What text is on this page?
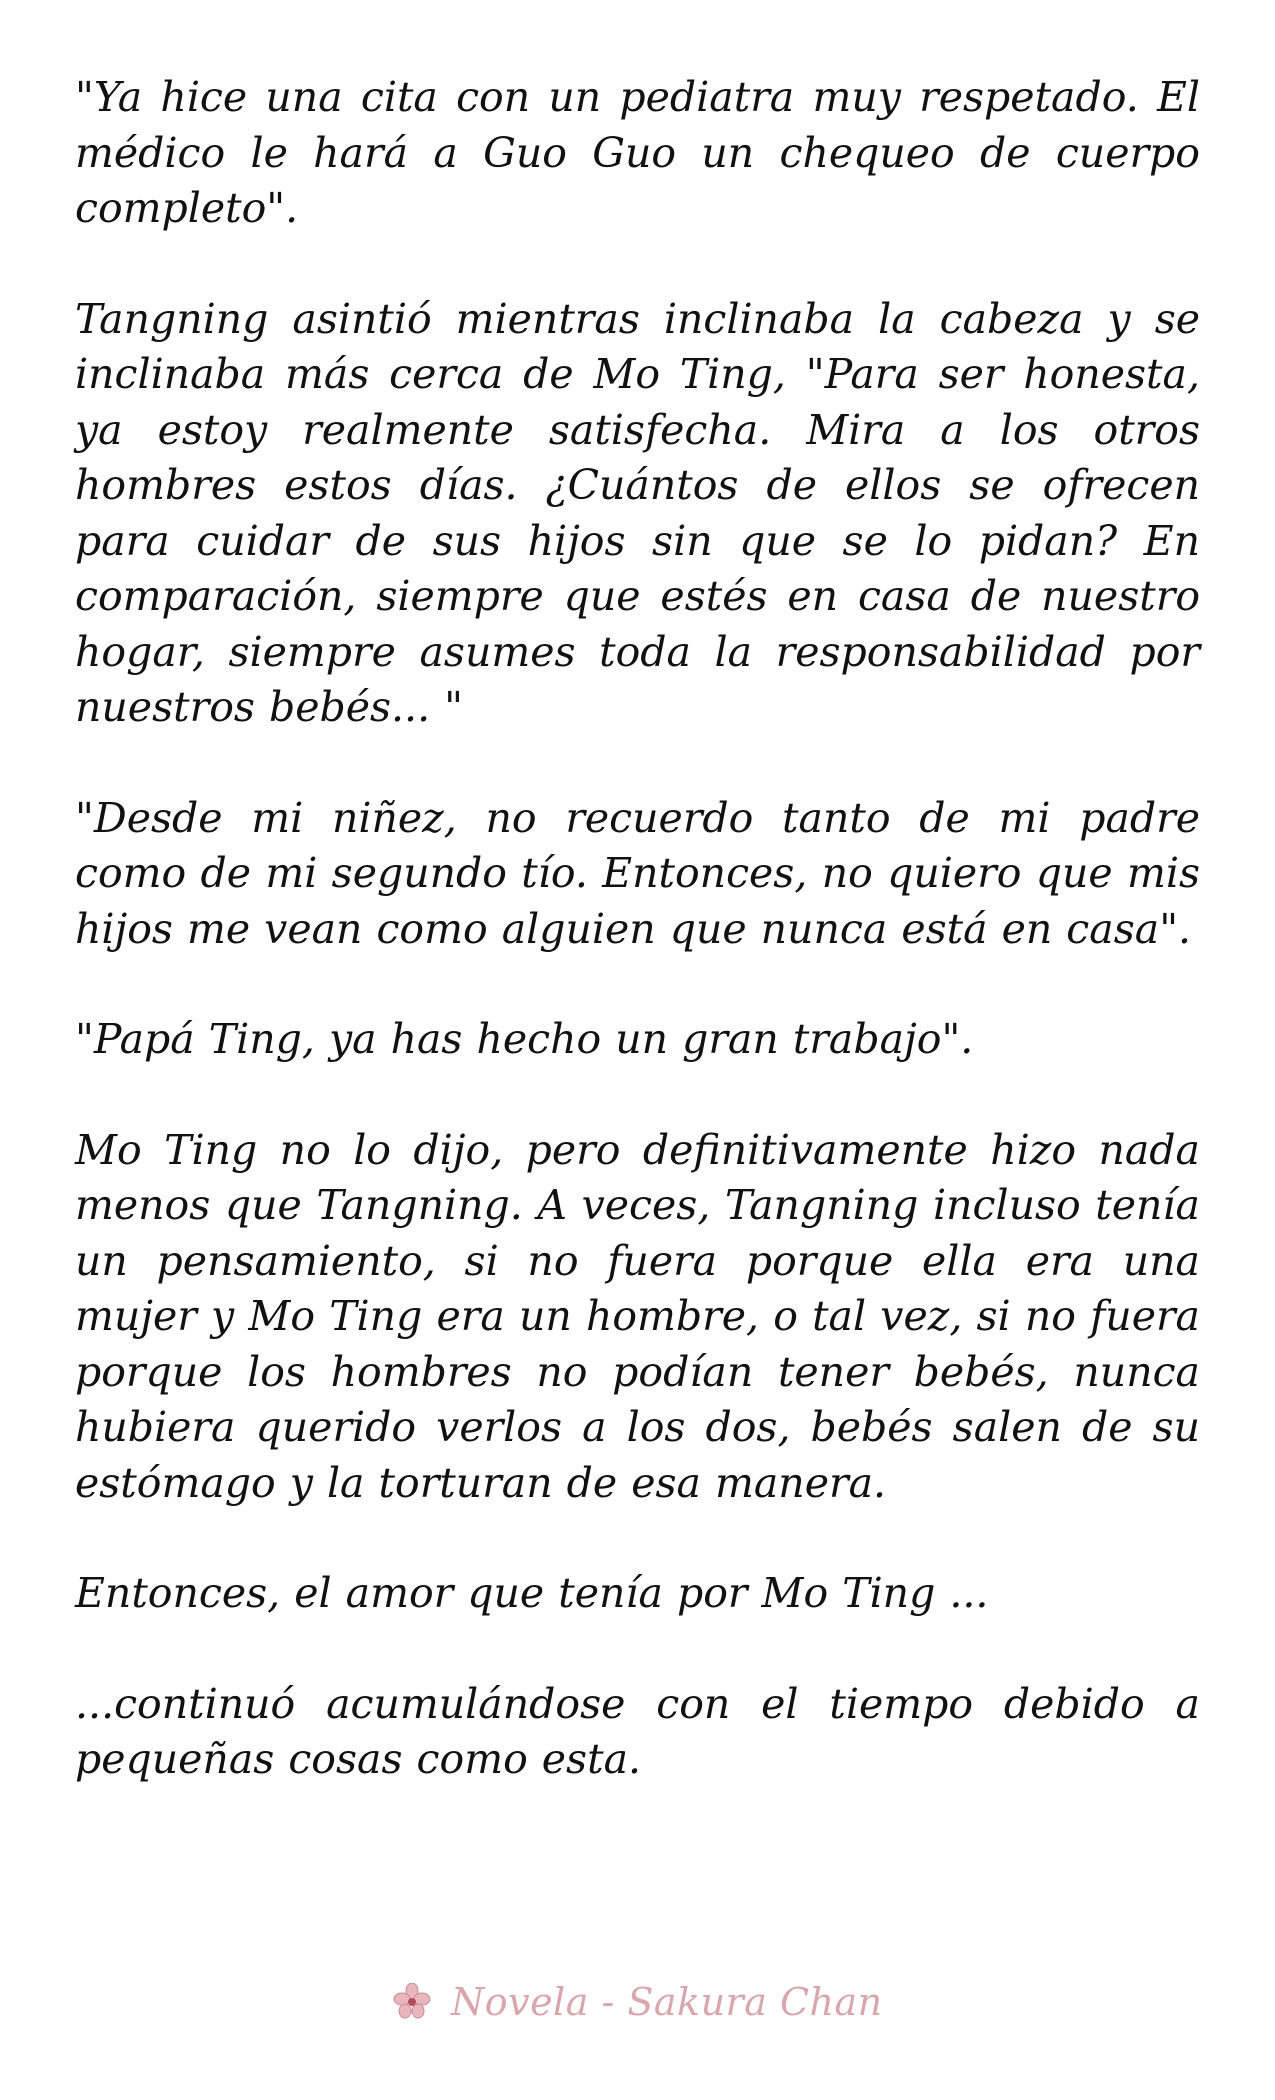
"Ya hice una cita con un pediatra muy respetado. El médico le hará a Guo Guo un chequeo de cuerpo completo".

Tangning asintió mientras inclinaba la cabeza y se inclinaba más cerca de Mo Ting, "Para ser honesta, ya estoy realmente satisfecha. Mira a los otros hombres estos días. ¿Cuántos de ellos se ofrecen para cuidar de sus hijos sin que se lo pidan? En comparación, siempre que estés en casa de nuestro hogar, siempre asumes toda la responsabilidad por nuestros bebés... "

"Desde mi niñez, no recuerdo tanto de mi padre como de mi segundo tío. Entonces, no quiero que mis hijos me vean como alguien que nunca está en casa".

"Papá Ting, ya has hecho un gran trabajo".

Mo Ting no lo dijo, pero definitivamente hizo nada menos que Tangning. A veces, Tangning incluso tenía un pensamiento, si no fuera porque ella era una mujer y Mo Ting era un hombre, o tal vez, si no fuera porque los hombres no podían tener bebés, nunca hubiera querido verlos a los dos, bebés salen de su estómago y la torturan de esa manera.

Entonces, el amor que tenía por Mo Ting ...

...continuó acumulándose con el tiempo debido a pequeñas cosas como esta.

Novela - Sakura Chan
